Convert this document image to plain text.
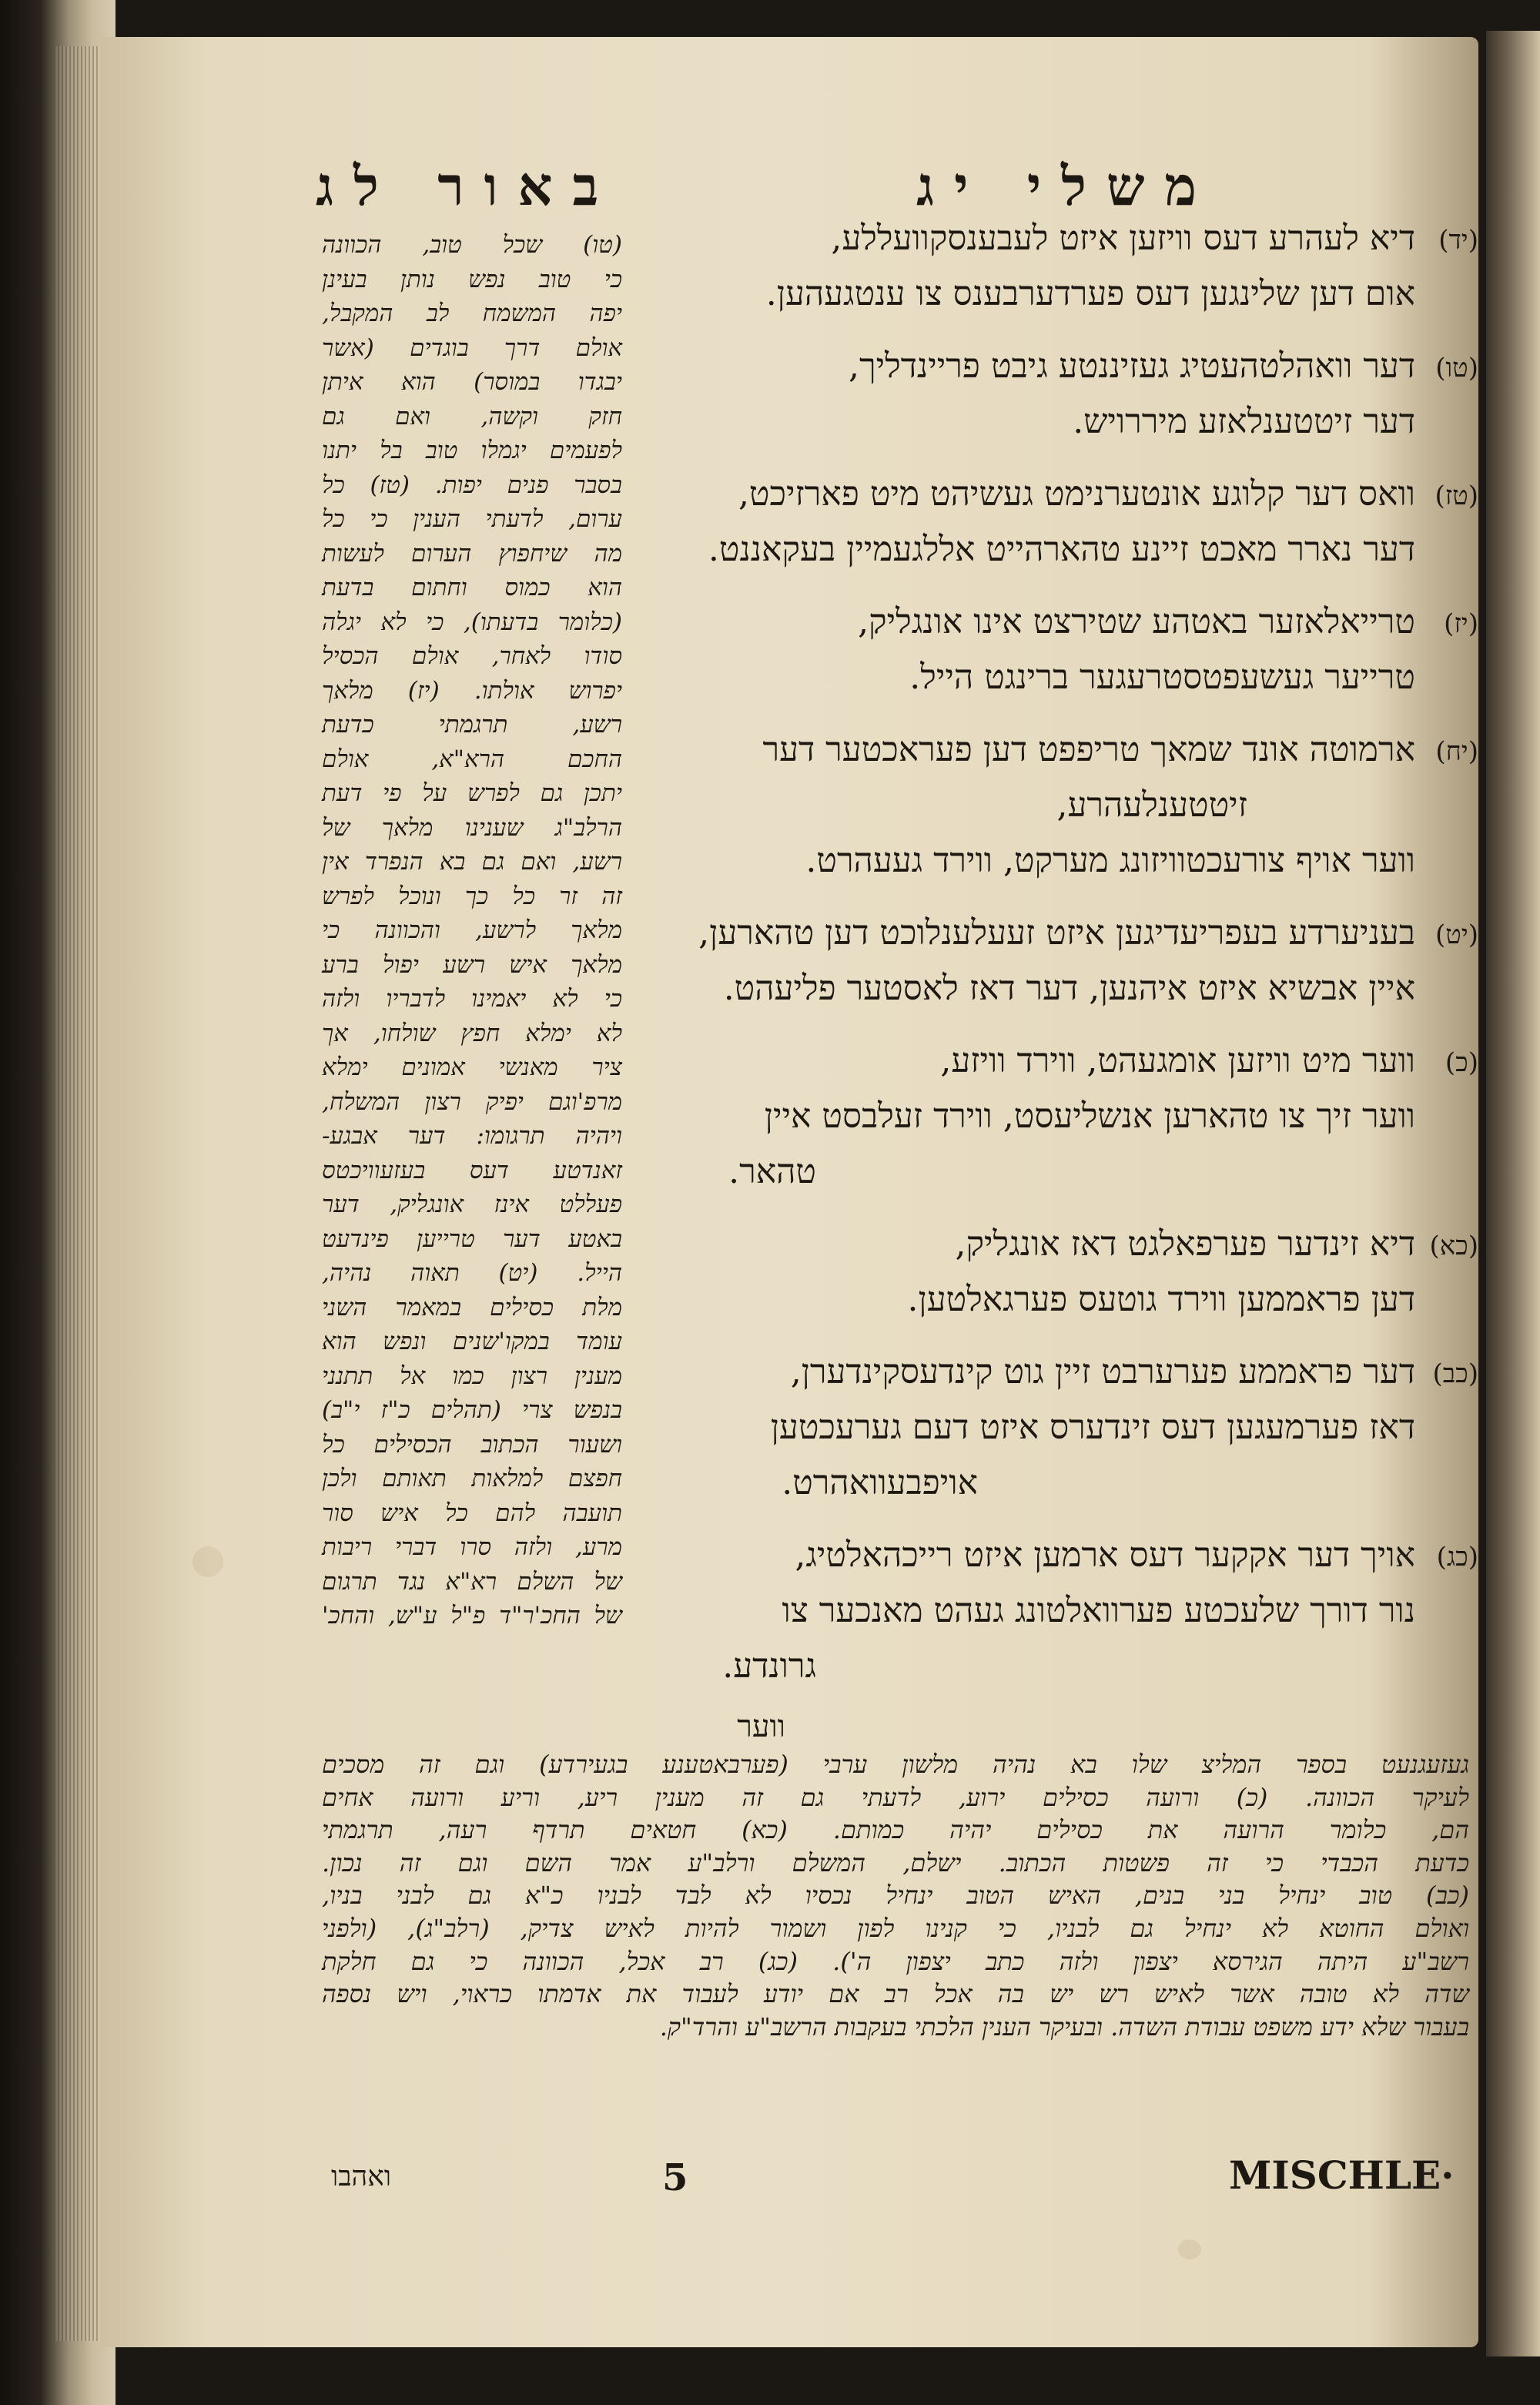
באור לג	משלי יג
(יד)
דיא לעהרע דעס וויזען איזט לעבענסקוועללע,
אום דען שלינגען דעס פערדערבענס צו ענטגעהען.
(טו)
דער וואהלטהעטיג געזיננטע גיבט פריינדליך,
דער זיטטענלאזע מיררויש.
(טז)
וואס דער קלוגע אונטערנימט געשיהט מיט פארזיכט,
דער נארר מאכט זיינע טהארהייט אללגעמיין בעקאננט.
(יז)
טרייאלאזער באטהע שטירצט אינו אונגליק,
טרייער געשעפטסטרעגער ברינגט הייל.
(יח)
ארמוטה אונד שמאך טריפפט דען פעראכטער דער
זיטטענלעהרע,
ווער אויף צורעכטוויזונג מערקט, ווירד געעהרט.
(יט)
בעניערדע בעפריעדיגען איזט זעעלענלוכט דען טהארען,
איין אבשיא איזט איהנען, דער דאז לאסטער פליעהט.
(כ)
ווער מיט וויזען אומגעהט, ווירד וויזע,
ווער זיך צו טהארען אנשליעסט, ווירד זעלבסט איין
טהאר.
(כא)
דיא זינדער פערפאלגט דאז אונגליק,
דען פראממען ווירד גוטעס פערגאלטען.
(כב)
דער פראממע פערערבט זיין גוט קינדעסקינדערן,
דאז פערמעגען דעס זינדערס איזט דעם גערעכטען
אויפבעוואהרט.
(כג)
אויך דער אקקער דעס ארמען איזט רייכהאלטיג,
נור דורך שלעכטע פערוואלטונג געהט מאנכער צו
גרונדע.
ווער
(טו) שכל טוב, הכוונה
כי טוב נפש נותן בעינן
יפה המשמח לב המקבל,
אולם דרך בוגדים (אשר
יבגדו במוסר) הוא איתן
חזק וקשה, ואם גם
לפעמים יגמלו טוב בל יתנו
בסבר פנים יפות. (טז) כל
ערום, לדעתי הענין כי כל
מה שיחפוץ הערום לעשות
הוא כמוס וחתום בדעת
(כלומר בדעתו), כי לא יגלה
סודו לאחר, אולם הכסיל
יפרוש אולתו. (יז) מלאך
רשע, תרגמתי כדעת
החכם הרא"א, אולם
יתכן גם לפרש על פי דעת
הרלב"ג שענינו מלאך של
רשע, ואם גם בא הנפרד אין
זה זר כל כך ונוכל לפרש
מלאך לרשע, והכוונה כי
מלאך איש רשע יפול ברע
כי לא יאמינו לדבריו ולזה
לא ימלא חפץ שולחו, אך
ציר מאנשי אמונים ימלא
מרפ'וגם יפיק רצון המשלח,
ויהיה תרגומו: דער אבגע-
זאנדטע דעס בעזעוויכטס
פעללט אינז אונגליק, דער
באטע דער טרייען פינדעט
הייל. (יט) תאוה נהיה,
מלת כסילים במאמר השני
עומד במקו'שנים ונפש הוא
מענין רצון כמו אל תתנני
בנפש צרי (תהלים כ"ז י"ב)
ושעור הכתוב הכסילים כל
חפצם למלאות תאותם ולכן
תועבה להם כל איש סור
מרע, ולזה סרו דברי ריבות
של השלם רא"א נגד תרגום
של החכ'ר"ד פ"ל ע"ש, והחכ'
געזעגנעט בספר המליצ שלו בא נהיה מלשון ערבי (פערבאטענע בגעירדע) וגם זה מסכים
לעיקר הכוונה. (כ) ורועה כסילים ירוע, לדעתי גם זה מענין ריע, וריע ורועה אחים
הם, כלומר הרועה את כסילים יהיה כמותם. (כא) חטאים תרדף רעה, תרגמתי
כדעת הכבדי כי זה פשטות הכתוב. ישלם, המשלם ורלב"ע אמר השם וגם זה נכון.
(כב) טוב ינחיל בני בנים, האיש הטוב ינחיל נכסיו לא לבד לבניו כ"א גם לבני בניו,
ואולם החוטא לא ינחיל גם לבניו, כי קנינו לפון ושמור להיות לאיש צדיק, (רלב"ג), (ולפני
רשב"ע היתה הגירסא יצפון ולזה כתב יצפון ה'). (כג) רב אכל, הכוונה כי גם חלקת
שדה לא טובה אשר לאיש רש יש בה אכל רב אם יודע לעבוד את אדמתו כראוי, ויש נספה
בעבור שלא ידע משפט עבודת השדה. ובעיקר הענין הלכתי בעקבות הרשב"ע והרד"ק.
ואהבו	5	MISCHLE·
